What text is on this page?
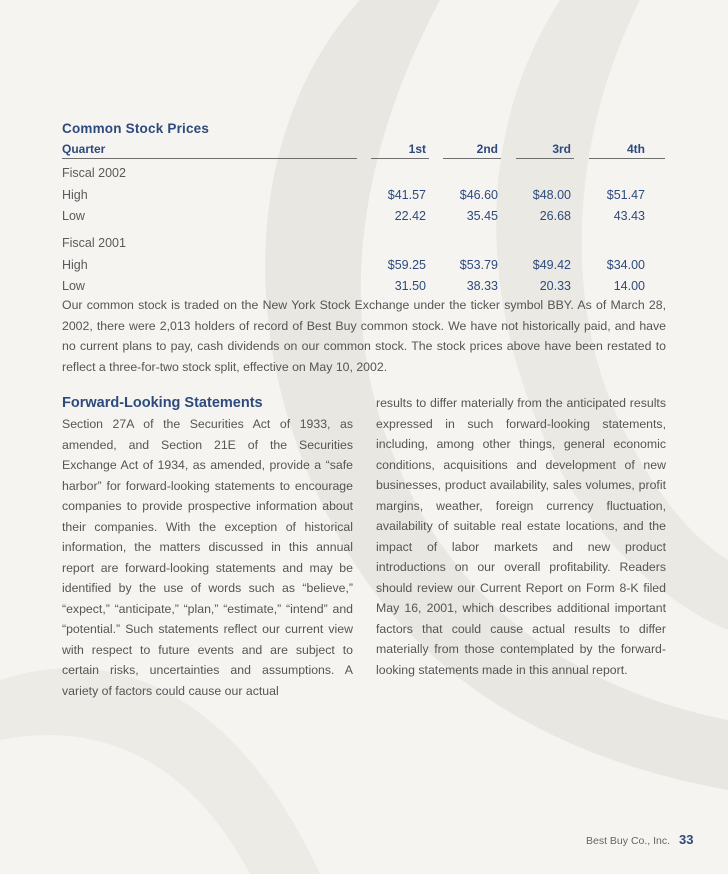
Common Stock Prices
Quarter	1st	2nd	3rd	4th
Fiscal 2002
High	$41.57	$46.60	$48.00	$51.47
Low	22.42	35.45	26.68	43.43
Fiscal 2001
High	$59.25	$53.79	$49.42	$34.00
Low	31.50	38.33	20.33	14.00

Our common stock is traded on the New York Stock Exchange under the ticker symbol BBY. As of March 28, 2002, there were 2,013 holders of record of Best Buy common stock. We have not historically paid, and have no current plans to pay, cash dividends on our common stock. The stock prices above have been restated to reflect a three-for-two stock split, effective on May 10, 2002.

Forward-Looking Statements

Section 27A of the Securities Act of 1933, as amended, and Section 21E of the Securities Exchange Act of 1934, as amended, provide a “safe harbor” for forward-looking statements to encourage companies to provide prospective information about their companies. With the exception of historical information, the matters discussed in this annual report are forward-looking statements and may be identified by the use of words such as “believe,” “expect,” “anticipate,” “plan,” “estimate,” “intend” and “potential.” Such statements reflect our current view with respect to future events and are subject to certain risks, uncertainties and assumptions. A variety of factors could cause our actual

results to differ materially from the anticipated results expressed in such forward-looking statements, including, among other things, general economic conditions, acquisitions and development of new businesses, product availability, sales volumes, profit margins, weather, foreign currency fluctuation, availability of suitable real estate locations, and the impact of labor markets and new product introductions on our overall profitability. Readers should review our Current Report on Form 8-K filed May 16, 2001, which describes additional important factors that could cause actual results to differ materially from those contemplated by the forward-looking statements made in this annual report.

Best Buy Co., Inc. 33
